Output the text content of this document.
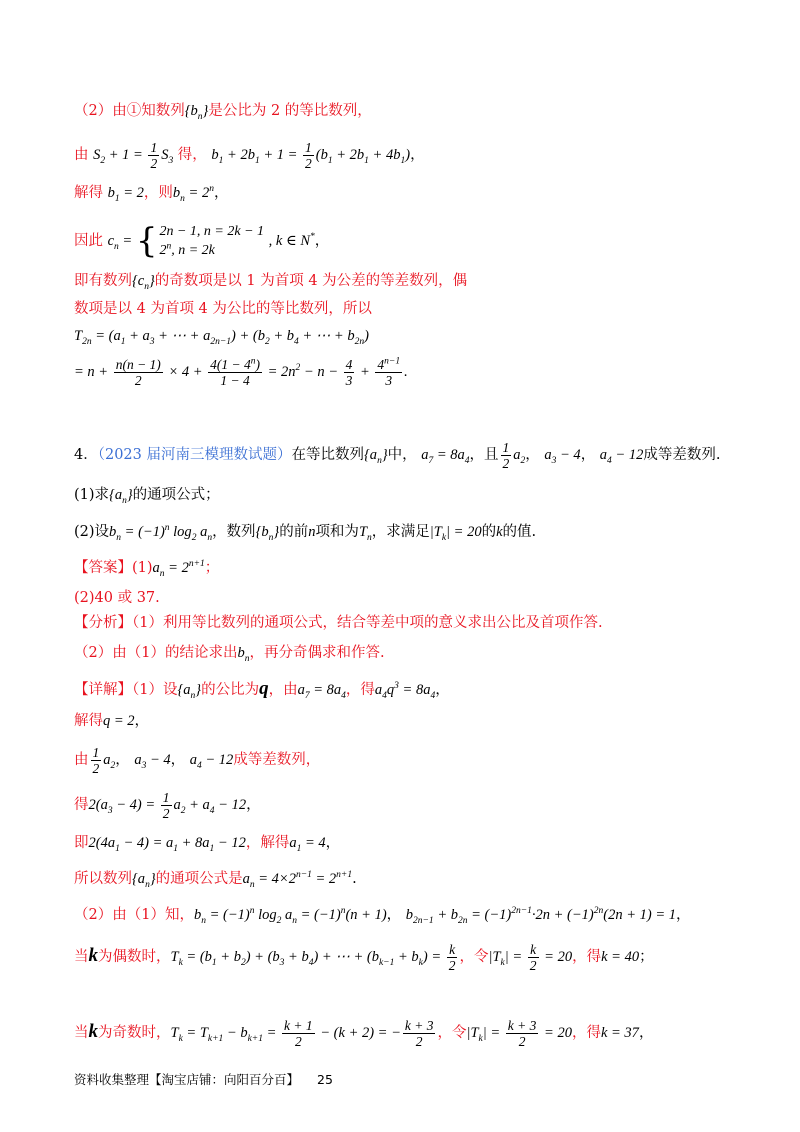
（2）由①知数列$\{b_n\}$是公比为 2 的等比数列，
由 $S_2 + 1 = \frac{1}{2} S_3$ 得， $b_1 + 2b_1 + 1 = \frac{1}{2} (b_1 + 2b_1 + 4b_1)$，
解得 $b_1 = 2$，则$b_n = 2^n$，
因此 $c_n$ = { 2n − 1, n = 2k − 1
2$^n$, n = 2k , k ∈ N*，
即有数列$\{c_n\}$的奇数项是以 1 为首项 4 为公差的等差数列，偶
数项是以 4 为首项 4 为公比的等比数列，所以
$T_{2n} = (a_1 + a_3$ + ⋯ + $a_{2n-1}) + (b_2 + b_4$ + ⋯ + $b_{2n}$)
= $n + \frac{n(n - 1)}{2} \times 4 + \frac{4(1 - 4^n)}{1 - 4} = 2n^2 - n - \frac{4}{3} + \frac{4^{n-1}}{3}$ .
4．（2023 届河南三模理数试题）在等比数列$\{a_n\}$中， $a_7 = 8a_4$，且 $\frac{1}{2} a_2$， $a_3 - 4$， $a_4 - 12$成等差数列.
(1)求$\{a_n\}$的通项公式；
(2)设$b_n = (-1)^n$ $\log_2 a_n$，数列$\{b_n\}$的前n项和为$T_n$，求满足$|T_k| = 20$的k的值.
【答案】$(1)a_n = 2^{n+1}$；
(2)40 或 37.
【分析】（1）利用等比数列的通项公式，结合等差中项的意义求出公比及首项作答.
（2）由（1）的结论求出$b_n$，再分奇偶求和作答.
【详解】（1）设$\{a_n\}$的公比为q，由$a_7 = 8a_4$，得$a_4q^3 = 8a_4$，
解得q = 2，
由 $\frac{1}{2} a_2$， $a_3 - 4$， $a_4 - 12$成等差数列，
得$2(a_3 - 4) = \frac{1}{2} a_2 + a_4 - 12$，
即$2(4a_1 - 4) = a_1 + 8a_1 - 12$，解得$a_1 = 4$，
所以数列$\{a_n\}$的通项公式是$a_n = 4\times 2^{n-1} = 2^{n+1}$.
（2）由（1）知，$b_n = (-1)^n$ $\log_2 a_n = (-1)^n(n + 1)$， $b_{2n-1} + b_{2n} = (-1)^{2n-1}\cdot 2n + (-1)^{2n}(2n + 1) = 1$，
当k为偶数时，$T_k = (b_1 + b_2) + (b_3 + b_4)$ + ⋯ + $(b_{k-1} + b_k) = \frac{k}{2}$ ，令$|T_k| = \frac{k}{2} = 20$，得k = 40；
当k为奇数时，$T_k = T_{k+1} - b_{k+1} = \frac{k + 1}{2} - (k + 2)$ = − $\frac{k + 3}{2}$ ，令$|T_k| = \frac{k + 3}{2} = 20$，得k = 37，
资料收集整理【淘宝店铺：向阳百分百】 25
